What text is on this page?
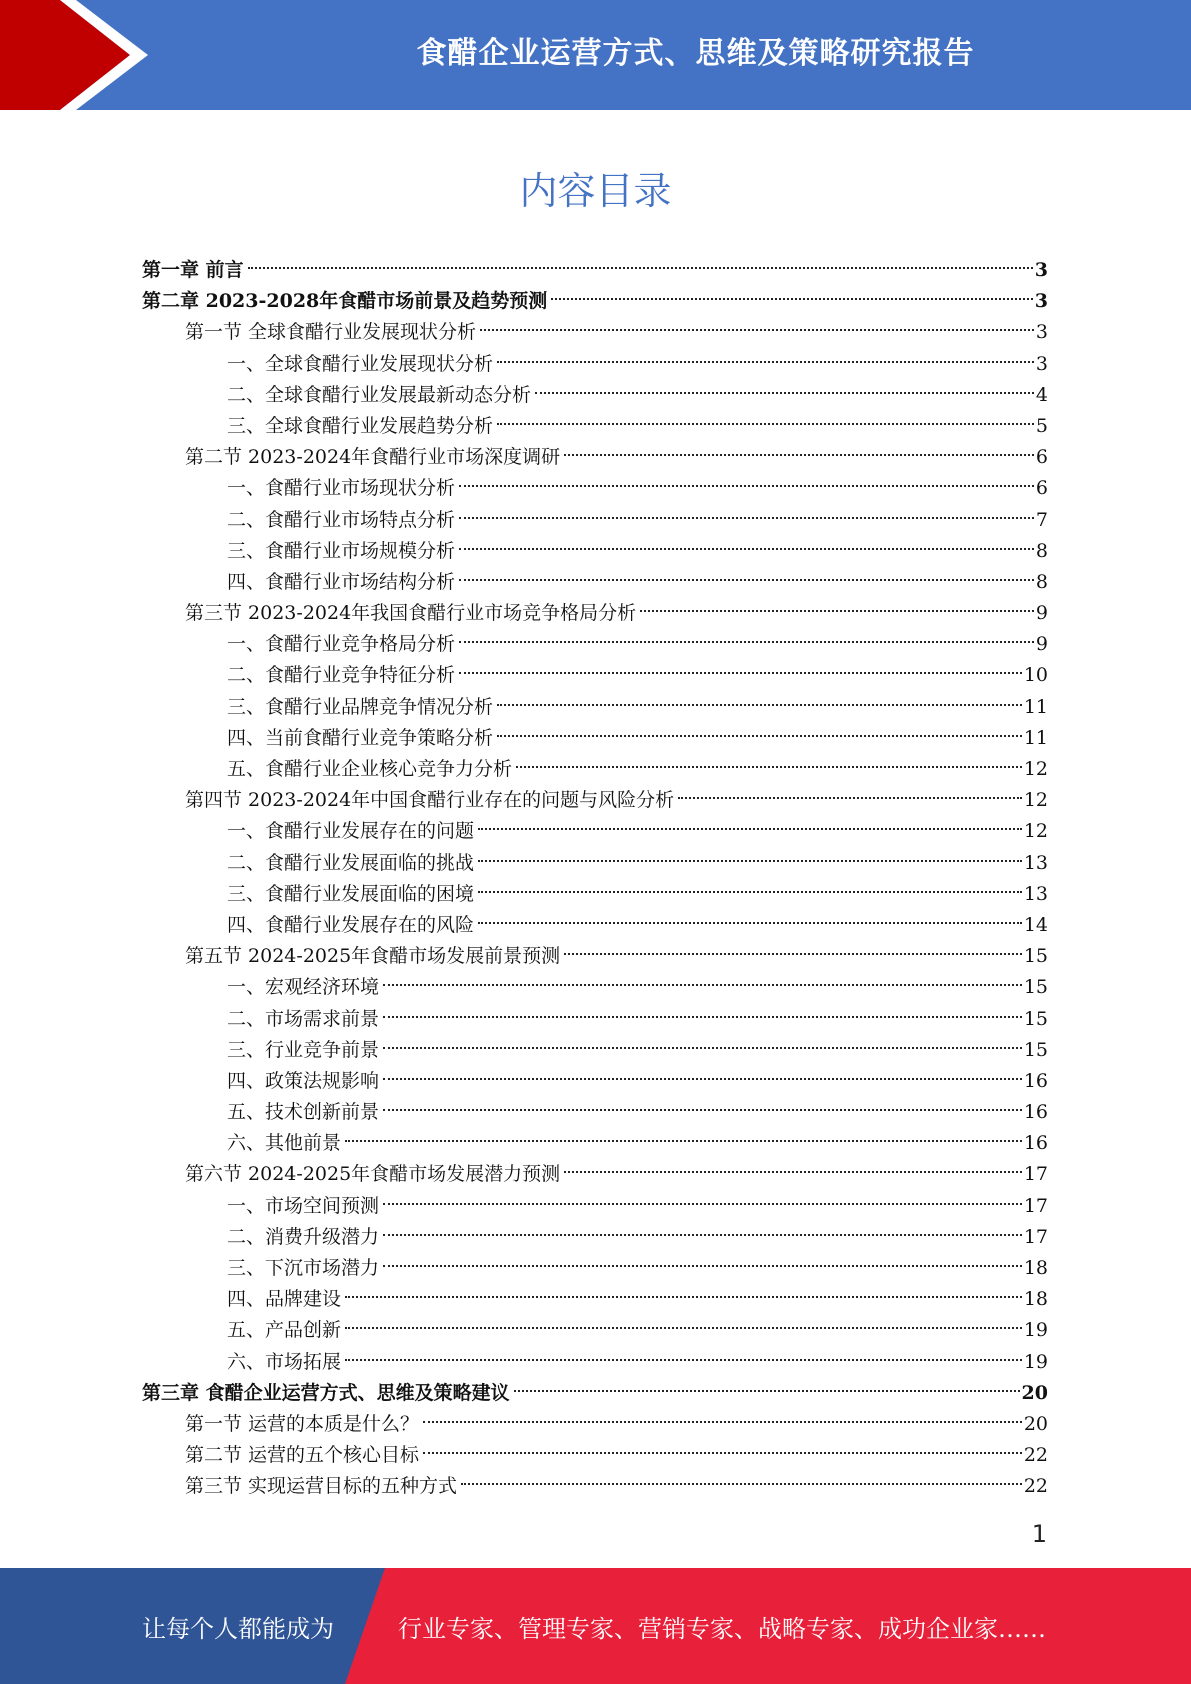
食醋企业运营方式、思维及策略研究报告
内容目录
第一章 前言	3
第二章 2023-2028年食醋市场前景及趋势预测	3
第一节 全球食醋行业发展现状分析	3
一、全球食醋行业发展现状分析	3
二、全球食醋行业发展最新动态分析	4
三、全球食醋行业发展趋势分析	5
第二节 2023-2024年食醋行业市场深度调研	6
一、食醋行业市场现状分析	6
二、食醋行业市场特点分析	7
三、食醋行业市场规模分析	8
四、食醋行业市场结构分析	8
第三节 2023-2024年我国食醋行业市场竞争格局分析	9
一、食醋行业竞争格局分析	9
二、食醋行业竞争特征分析	10
三、食醋行业品牌竞争情况分析	11
四、当前食醋行业竞争策略分析	11
五、食醋行业企业核心竞争力分析	12
第四节 2023-2024年中国食醋行业存在的问题与风险分析	12
一、食醋行业发展存在的问题	12
二、食醋行业发展面临的挑战	13
三、食醋行业发展面临的困境	13
四、食醋行业发展存在的风险	14
第五节 2024-2025年食醋市场发展前景预测	15
一、宏观经济环境	15
二、市场需求前景	15
三、行业竞争前景	15
四、政策法规影响	16
五、技术创新前景	16
六、其他前景	16
第六节 2024-2025年食醋市场发展潜力预测	17
一、市场空间预测	17
二、消费升级潜力	17
三、下沉市场潜力	18
四、品牌建设	18
五、产品创新	19
六、市场拓展	19
第三章 食醋企业运营方式、思维及策略建议	20
第一节 运营的本质是什么？	20
第二节 运营的五个核心目标	22
第三节 实现运营目标的五种方式	22
1
让每个人都能成为	行业专家、管理专家、营销专家、战略专家、成功企业家……
